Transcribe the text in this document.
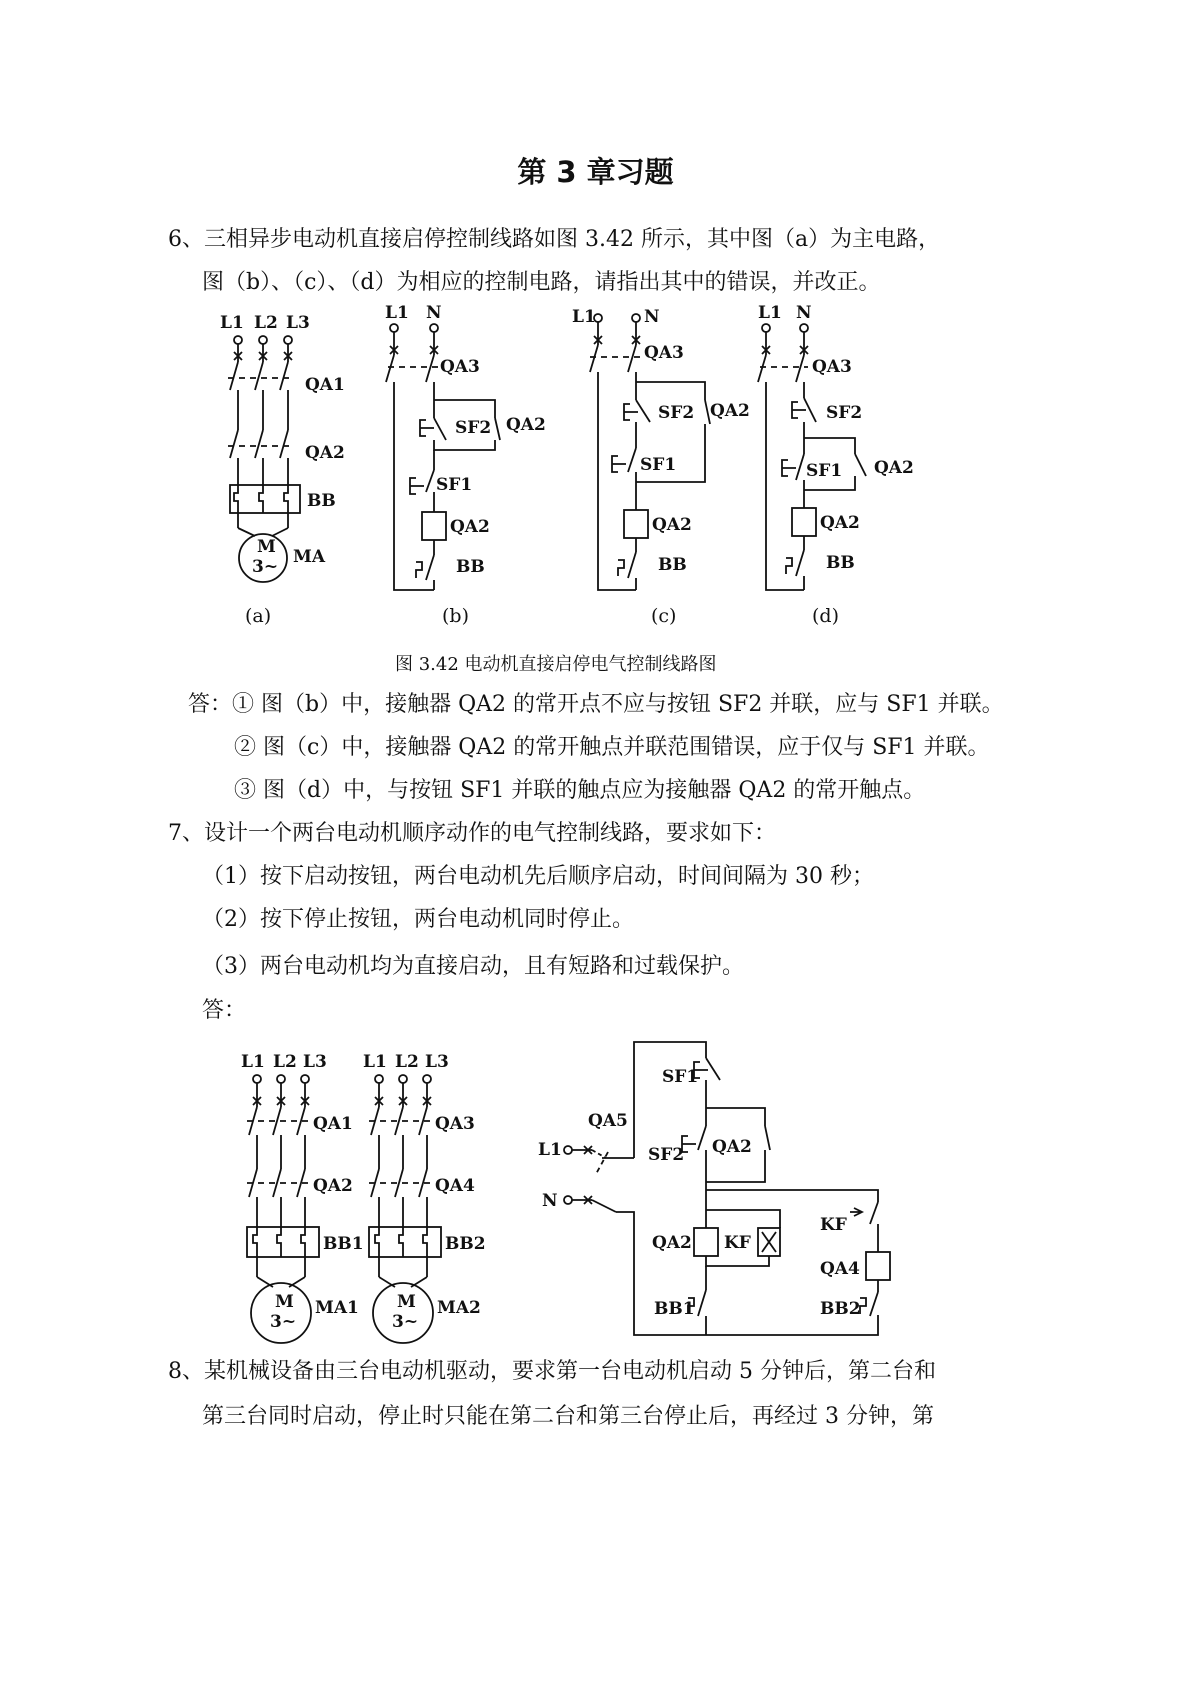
第 3 章习题
6、三相异步电动机直接启停控制线路如图 3.42 所示，其中图（a）为主电路，
图（b）、（c）、（d）为相应的控制电路，请指出其中的错误，并改正。
L1 L2 L3
QA1
QA2
BB
M
3~ MA
L1 N
QA3
SF2 QA2
SF1
QA2
BB
L1	N
QA3
SF2 QA2
SF1
QA2
BB
L1 N
QA3
SF2
SF1 QA2
QA2
BB
(a)	(b)	(c)	(d)
图 3.42 电动机直接启停电气控制线路图
答：① 图（b）中，接触器 QA2 的常开点不应与按钮 SF2 并联，应与 SF1 并联。
② 图（c）中，接触器 QA2 的常开触点并联范围错误，应于仅与 SF1 并联。
③ 图（d）中，与按钮 SF1 并联的触点应为接触器 QA2 的常开触点。
7、设计一个两台电动机顺序动作的电气控制线路，要求如下：
（1）按下启动按钮，两台电动机先后顺序启动，时间间隔为 30 秒；
（2）按下停止按钮，两台电动机同时停止。
（3）两台电动机均为直接启动，且有短路和过载保护。
答：
L1 L2 L3
QA1
QA2
BB1
M
3~
MA1
L1 L2 L3
QA3
QA4
BB2
M
3~
MA2
QA5
L1
N
SF1
SF2 QA2
QA2 KF
BB1
KF
QA4
BB2
8、某机械设备由三台电动机驱动，要求第一台电动机启动 5 分钟后，第二台和
第三台同时启动，停止时只能在第二台和第三台停止后，再经过 3 分钟，第
